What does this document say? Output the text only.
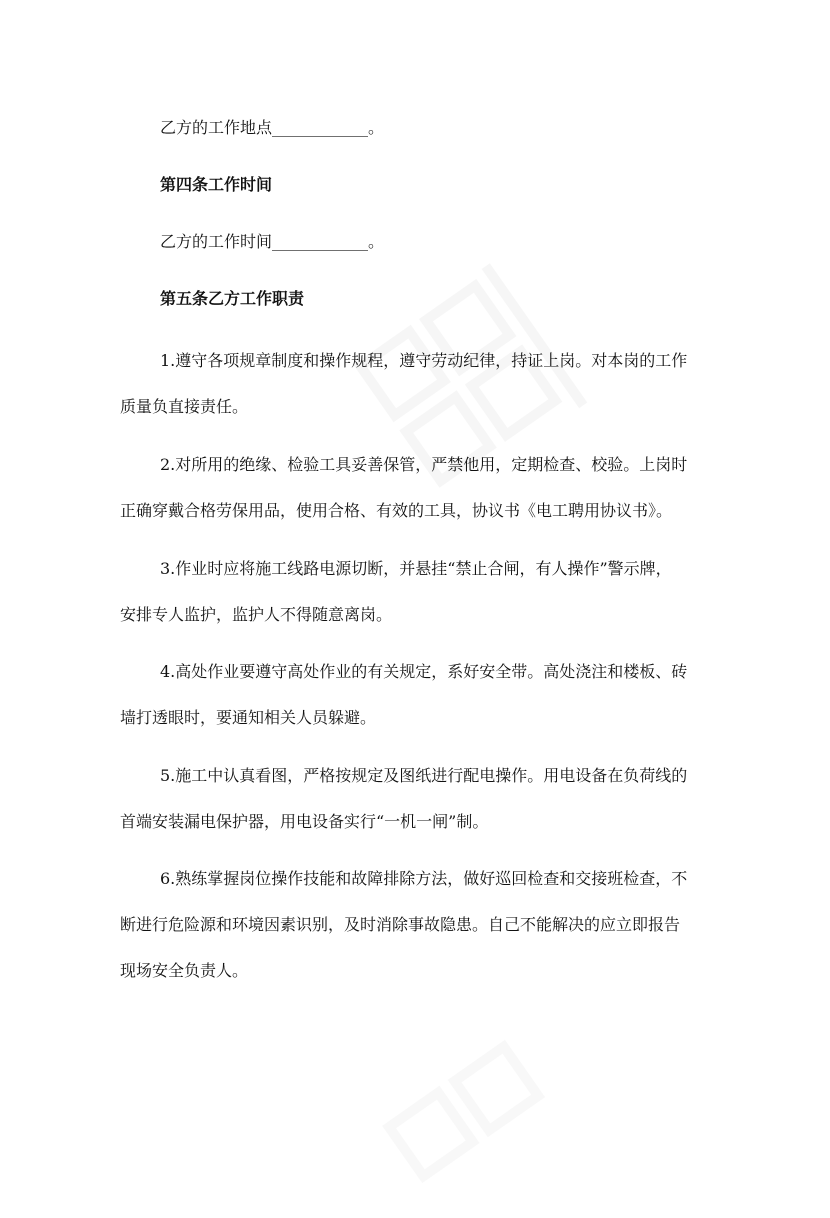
乙方的工作地点____________。
第四条工作时间
乙方的工作时间____________。
第五条乙方工作职责
1.遵守各项规章制度和操作规程，遵守劳动纪律，持证上岗。对本岗的工作
质量负直接责任。
2.对所用的绝缘、检验工具妥善保管，严禁他用，定期检查、校验。上岗时
正确穿戴合格劳保用品，使用合格、有效的工具，协议书《电工聘用协议书》。
3.作业时应将施工线路电源切断，并悬挂“禁止合闸，有人操作”警示牌，
安排专人监护，监护人不得随意离岗。
4.高处作业要遵守高处作业的有关规定，系好安全带。高处浇注和楼板、砖
墙打透眼时，要通知相关人员躲避。
5.施工中认真看图，严格按规定及图纸进行配电操作。用电设备在负荷线的
首端安装漏电保护器，用电设备实行“一机一闸”制。
6.熟练掌握岗位操作技能和故障排除方法，做好巡回检查和交接班检查，不
断进行危险源和环境因素识别，及时消除事故隐患。自己不能解决的应立即报告
现场安全负责人。
